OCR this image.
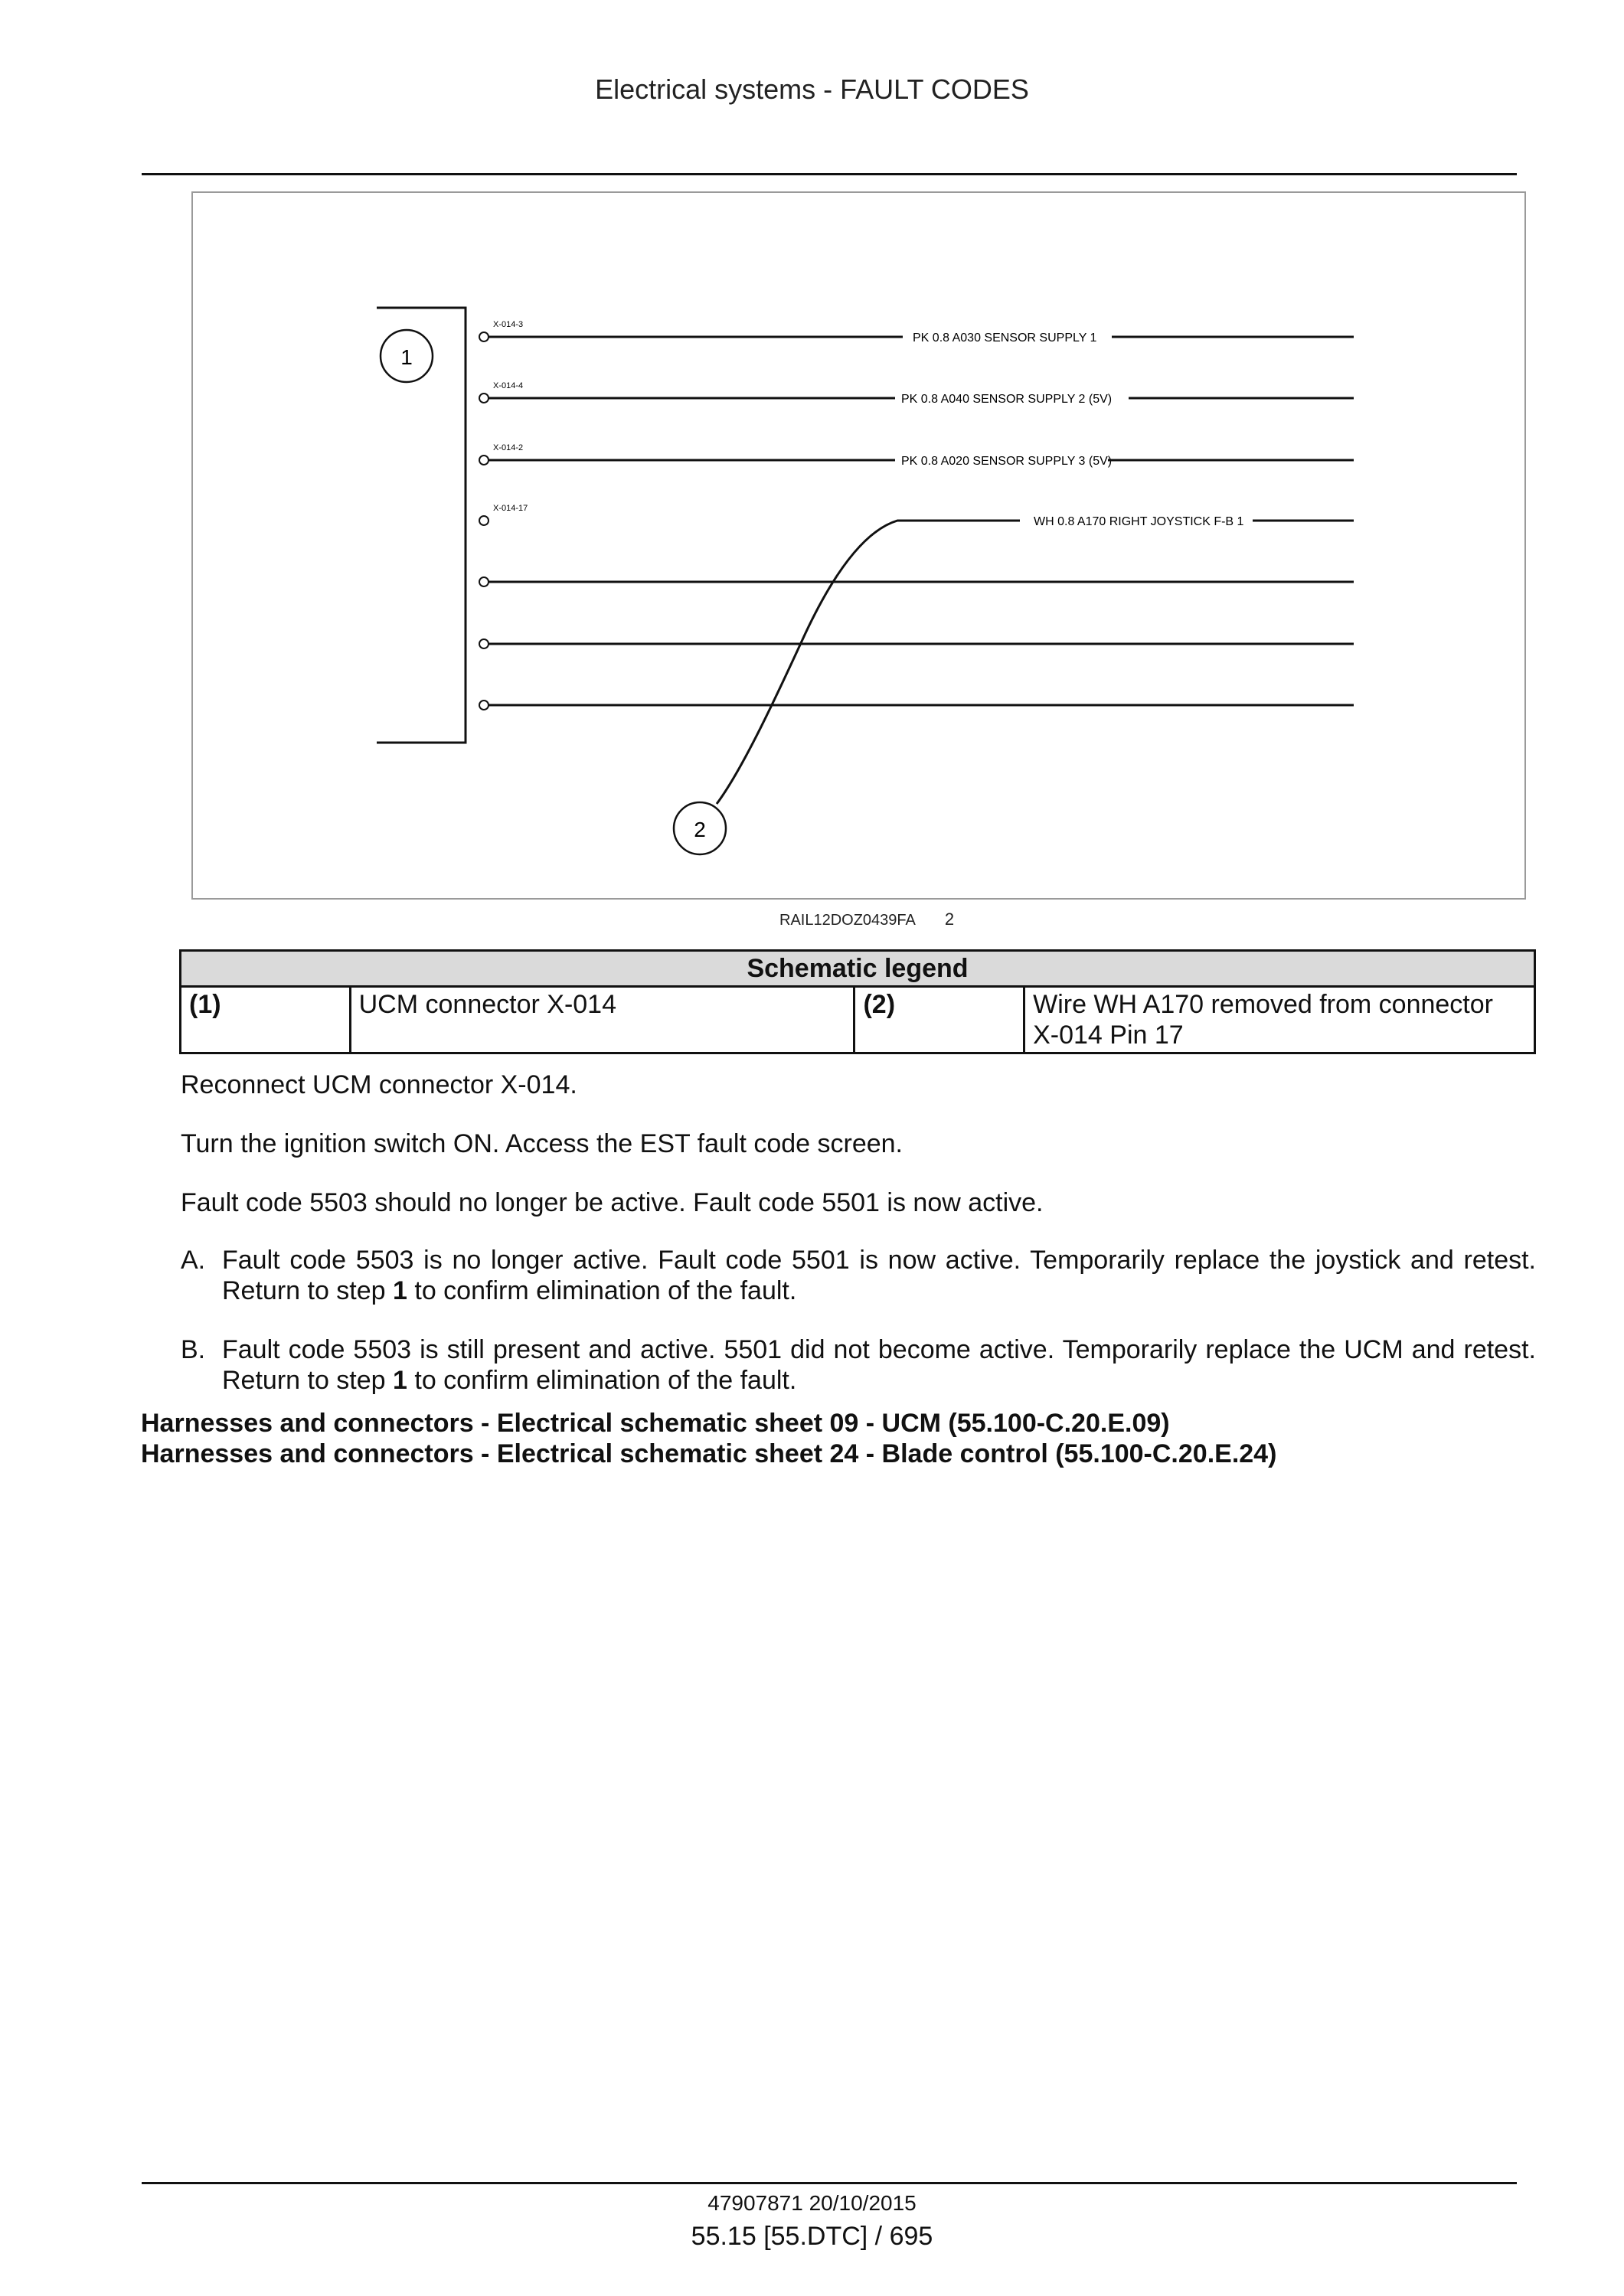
Electrical systems - FAULT CODES
1
X-014-3
X-014-4
X-014-2
X-014-17
PK 0.8 A030 SENSOR SUPPLY 1
PK 0.8 A040 SENSOR SUPPLY 2 (5V)
PK 0.8 A020 SENSOR SUPPLY 3 (5V)
WH 0.8 A170 RIGHT JOYSTICK F-B 1
2
RAIL12DOZ0439FA 2
Schematic legend
(1)	UCM connector X-014	(2)	Wire WH A170 removed from connector X-014 Pin 17
Reconnect UCM connector X-014.
Turn the ignition switch ON. Access the EST fault code screen.
Fault code 5503 should no longer be active. Fault code 5501 is now active.
A. Fault code 5503 is no longer active. Fault code 5501 is now active. Temporarily replace the joystick and retest. Return to step 1 to confirm elimination of the fault.
B. Fault code 5503 is still present and active. 5501 did not become active. Temporarily replace the UCM and retest. Return to step 1 to confirm elimination of the fault.
Harnesses and connectors - Electrical schematic sheet 09 - UCM (55.100-C.20.E.09)
Harnesses and connectors - Electrical schematic sheet 24 - Blade control (55.100-C.20.E.24)
47907871 20/10/2015
55.15 [55.DTC] / 695
